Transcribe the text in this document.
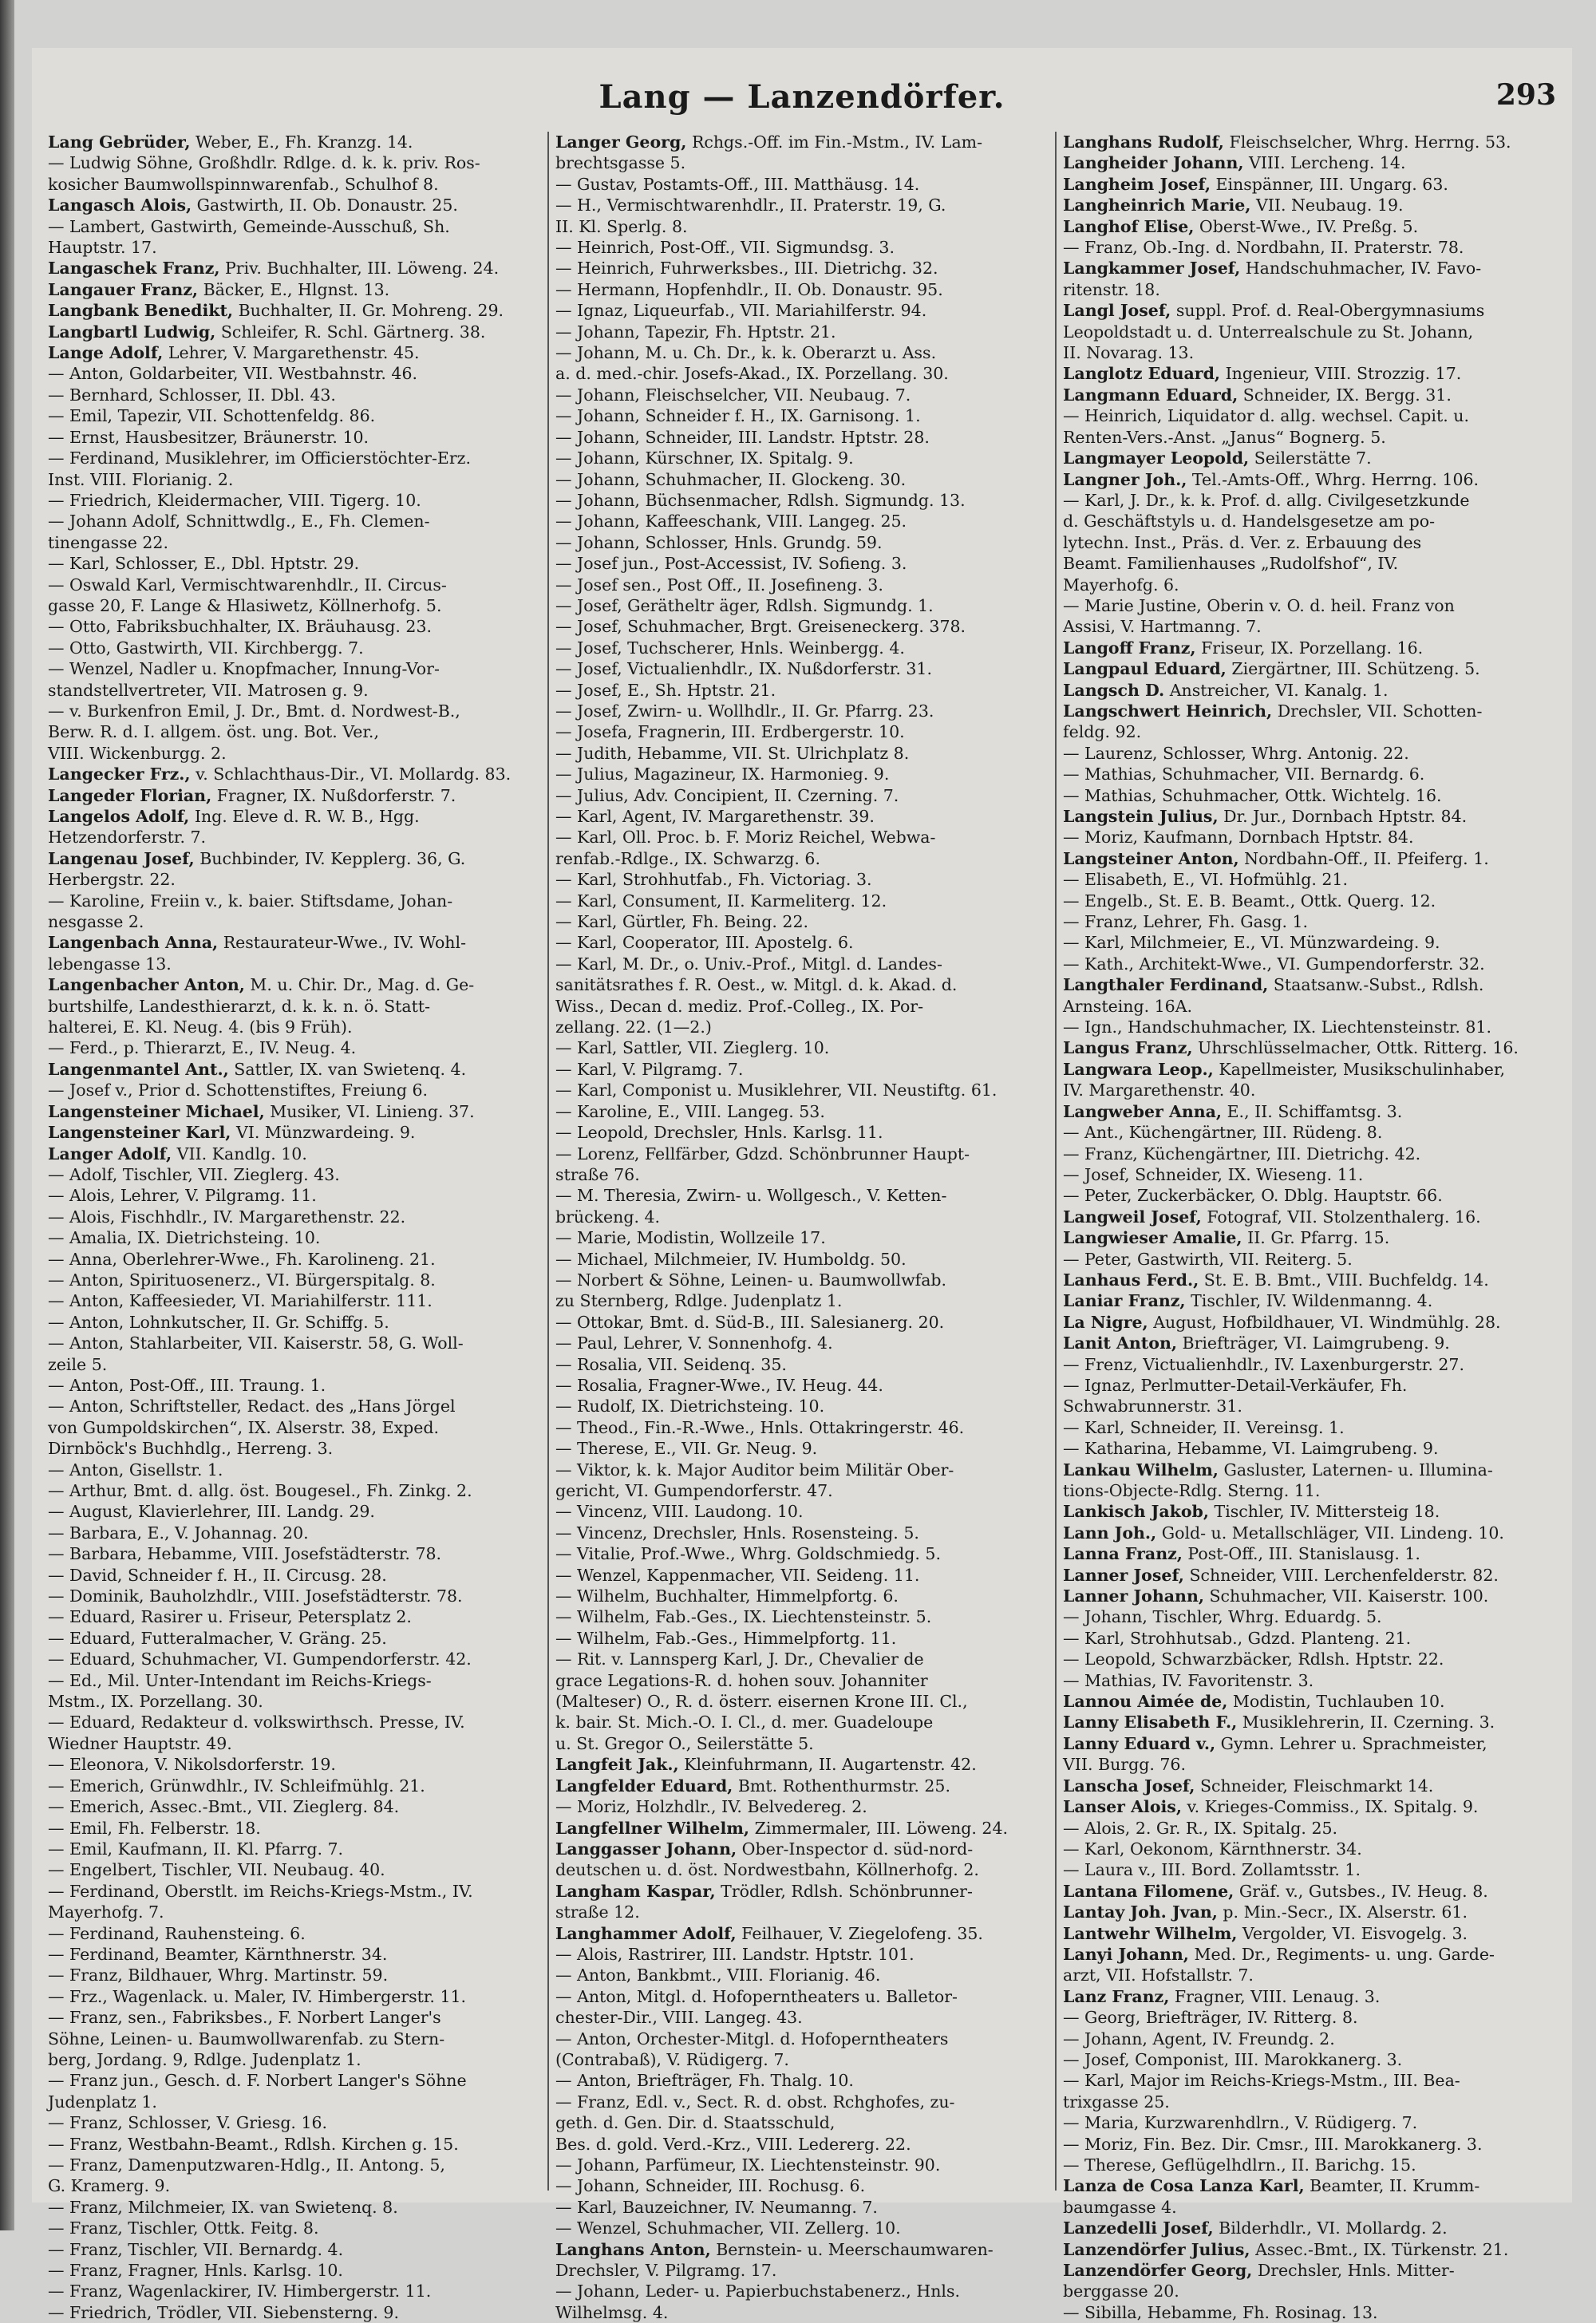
Lang — Lanzendörfer.	293
Lang Gebrüder, Weber, E., Fh. Kranzg. 14.
— Ludwig Söhne, Großhdlr. Rdlge. d. k. k. priv. Ros-
kosicher Baumwollspinnwarenfab., Schulhof 8.
Langasch Alois, Gastwirth, II. Ob. Donaustr. 25.
— Lambert, Gastwirth, Gemeinde-Ausschuß, Sh.
Hauptstr. 17.
Langaschek Franz, Priv. Buchhalter, III. Löweng. 24.
Langauer Franz, Bäcker, E., Hlgnst. 13.
Langbank Benedikt, Buchhalter, II. Gr. Mohreng. 29.
Langbartl Ludwig, Schleifer, R. Schl. Gärtnerg. 38.
Lange Adolf, Lehrer, V. Margarethenstr. 45.
— Anton, Goldarbeiter, VII. Westbahnstr. 46.
— Bernhard, Schlosser, II. Dbl. 43.
— Emil, Tapezir, VII. Schottenfeldg. 86.
— Ernst, Hausbesitzer, Bräunerstr. 10.
— Ferdinand, Musiklehrer, im Officierstöchter-Erz.
Inst. VIII. Florianig. 2.
— Friedrich, Kleidermacher, VIII. Tigerg. 10.
— Johann Adolf, Schnittwdlg., E., Fh. Clemen-
tinengasse 22.
— Karl, Schlosser, E., Dbl. Hptstr. 29.
— Oswald Karl, Vermischtwarenhdlr., II. Circus-
gasse 20, F. Lange & Hlasiwetz, Köllnerhofg. 5.
— Otto, Fabriksbuchhalter, IX. Bräuhausg. 23.
— Otto, Gastwirth, VII. Kirchbergg. 7.
— Wenzel, Nadler u. Knopfmacher, Innung-Vor-
standstellvertreter, VII. Matrosen g. 9.
— v. Burkenfron Emil, J. Dr., Bmt. d. Nordwest-B.,
Berw. R. d. I. allgem. öst. ung. Bot. Ver.,
VIII. Wickenburgg. 2.
Langecker Frz., v. Schlachthaus-Dir., VI. Mollardg. 83.
Langeder Florian, Fragner, IX. Nußdorferstr. 7.
Langelos Adolf, Ing. Eleve d. R. W. B., Hgg.
Hetzendorferstr. 7.
Langenau Josef, Buchbinder, IV. Kepplerg. 36, G.
Herbergstr. 22.
— Karoline, Freiin v., k. baier. Stiftsdame, Johan-
nesgasse 2.
Langenbach Anna, Restaurateur-Wwe., IV. Wohl-
lebengasse 13.
Langenbacher Anton, M. u. Chir. Dr., Mag. d. Ge-
burtshilfe, Landesthierarzt, d. k. k. n. ö. Statt-
halterei, E. Kl. Neug. 4. (bis 9 Früh).
— Ferd., p. Thierarzt, E., IV. Neug. 4.
Langenmantel Ant., Sattler, IX. van Swietenq. 4.
— Josef v., Prior d. Schottenstiftes, Freiung 6.
Langensteiner Michael, Musiker, VI. Linieng. 37.
Langensteiner Karl, VI. Münzwardeing. 9.
Langer Adolf, VII. Kandlg. 10.
— Adolf, Tischler, VII. Zieglerg. 43.
— Alois, Lehrer, V. Pilgramg. 11.
— Alois, Fischhdlr., IV. Margarethenstr. 22.
— Amalia, IX. Dietrichsteing. 10.
— Anna, Oberlehrer-Wwe., Fh. Karolineng. 21.
— Anton, Spirituosenerz., VI. Bürgerspitalg. 8.
— Anton, Kaffeesieder, VI. Mariahilferstr. 111.
— Anton, Lohnkutscher, II. Gr. Schiffg. 5.
— Anton, Stahlarbeiter, VII. Kaiserstr. 58, G. Woll-
zeile 5.
— Anton, Post-Off., III. Traung. 1.
— Anton, Schriftsteller, Redact. des „Hans Jörgel
von Gumpoldskirchen“, IX. Alserstr. 38, Exped.
Dirnböck's Buchhdlg., Herreng. 3.
— Anton, Gisellstr. 1.
— Arthur, Bmt. d. allg. öst. Bougesel., Fh. Zinkg. 2.
— August, Klavierlehrer, III. Landg. 29.
— Barbara, E., V. Johannag. 20.
— Barbara, Hebamme, VIII. Josefstädterstr. 78.
— David, Schneider f. H., II. Circusg. 28.
— Dominik, Bauholzhdlr., VIII. Josefstädterstr. 78.
— Eduard, Rasirer u. Friseur, Petersplatz 2.
— Eduard, Futteralmacher, V. Gräng. 25.
— Eduard, Schuhmacher, VI. Gumpendorferstr. 42.
— Ed., Mil. Unter-Intendant im Reichs-Kriegs-
Mstm., IX. Porzellang. 30.
— Eduard, Redakteur d. volkswirthsch. Presse, IV.
Wiedner Hauptstr. 49.
— Eleonora, V. Nikolsdorferstr. 19.
— Emerich, Grünwdhlr., IV. Schleifmühlg. 21.
— Emerich, Assec.-Bmt., VII. Zieglerg. 84.
— Emil, Fh. Felberstr. 18.
— Emil, Kaufmann, II. Kl. Pfarrg. 7.
— Engelbert, Tischler, VII. Neubaug. 40.
— Ferdinand, Oberstlt. im Reichs-Kriegs-Mstm., IV.
Mayerhofg. 7.
— Ferdinand, Rauhensteing. 6.
— Ferdinand, Beamter, Kärnthnerstr. 34.
— Franz, Bildhauer, Whrg. Martinstr. 59.
— Frz., Wagenlack. u. Maler, IV. Himbergerstr. 11.
— Franz, sen., Fabriksbes., F. Norbert Langer's
Söhne, Leinen- u. Baumwollwarenfab. zu Stern-
berg, Jordang. 9, Rdlge. Judenplatz 1.
— Franz jun., Gesch. d. F. Norbert Langer's Söhne
Judenplatz 1.
— Franz, Schlosser, V. Griesg. 16.
— Franz, Westbahn-Beamt., Rdlsh. Kirchen g. 15.
— Franz, Damenputzwaren-Hdlg., II. Antong. 5,
G. Kramerg. 9.
— Franz, Milchmeier, IX. van Swietenq. 8.
— Franz, Tischler, Ottk. Feitg. 8.
— Franz, Tischler, VII. Bernardg. 4.
— Franz, Fragner, Hnls. Karlsg. 10.
— Franz, Wagenlackirer, IV. Himbergerstr. 11.
— Friedrich, Trödler, VII. Siebensterng. 9.
Langer Georg, Rchgs.-Off. im Fin.-Mstm., IV. Lam-
brechtsgasse 5.
— Gustav, Postamts-Off., III. Matthäusg. 14.
— H., Vermischtwarenhdlr., II. Praterstr. 19, G.
II. Kl. Sperlg. 8.
— Heinrich, Post-Off., VII. Sigmundsg. 3.
— Heinrich, Fuhrwerksbes., III. Dietrichg. 32.
— Hermann, Hopfenhdlr., II. Ob. Donaustr. 95.
— Ignaz, Liqueurfab., VII. Mariahilferstr. 94.
— Johann, Tapezir, Fh. Hptstr. 21.
— Johann, M. u. Ch. Dr., k. k. Oberarzt u. Ass.
a. d. med.-chir. Josefs-Akad., IX. Porzellang. 30.
— Johann, Fleischselcher, VII. Neubaug. 7.
— Johann, Schneider f. H., IX. Garnisong. 1.
— Johann, Schneider, III. Landstr. Hptstr. 28.
— Johann, Kürschner, IX. Spitalg. 9.
— Johann, Schuhmacher, II. Glockeng. 30.
— Johann, Büchsenmacher, Rdlsh. Sigmundg. 13.
— Johann, Kaffeeschank, VIII. Langeg. 25.
— Johann, Schlosser, Hnls. Grundg. 59.
— Josef jun., Post-Accessist, IV. Sofieng. 3.
— Josef sen., Post Off., II. Josefineng. 3.
— Josef, Gerätheltr äger, Rdlsh. Sigmundg. 1.
— Josef, Schuhmacher, Brgt. Greiseneckerg. 378.
— Josef, Tuchscherer, Hnls. Weinbergg. 4.
— Josef, Victualienhdlr., IX. Nußdorferstr. 31.
— Josef, E., Sh. Hptstr. 21.
— Josef, Zwirn- u. Wollhdlr., II. Gr. Pfarrg. 23.
— Josefa, Fragnerin, III. Erdbergerstr. 10.
— Judith, Hebamme, VII. St. Ulrichplatz 8.
— Julius, Magazineur, IX. Harmonieg. 9.
— Julius, Adv. Concipient, II. Czerning. 7.
— Karl, Agent, IV. Margarethenstr. 39.
— Karl, Oll. Proc. b. F. Moriz Reichel, Webwa-
renfab.-Rdlge., IX. Schwarzg. 6.
— Karl, Strohhutfab., Fh. Victoriag. 3.
— Karl, Consument, II. Karmeliterg. 12.
— Karl, Gürtler, Fh. Being. 22.
— Karl, Cooperator, III. Apostelg. 6.
— Karl, M. Dr., o. Univ.-Prof., Mitgl. d. Landes-
sanitätsrathes f. R. Oest., w. Mitgl. d. k. Akad. d.
Wiss., Decan d. mediz. Prof.-Colleg., IX. Por-
zellang. 22. (1—2.)
— Karl, Sattler, VII. Zieglerg. 10.
— Karl, V. Pilgramg. 7.
— Karl, Componist u. Musiklehrer, VII. Neustiftg. 61.
— Karoline, E., VIII. Langeg. 53.
— Leopold, Drechsler, Hnls. Karlsg. 11.
— Lorenz, Fellfärber, Gdzd. Schönbrunner Haupt-
straße 76.
— M. Theresia, Zwirn- u. Wollgesch., V. Ketten-
brückeng. 4.
— Marie, Modistin, Wollzeile 17.
— Michael, Milchmeier, IV. Humboldg. 50.
— Norbert & Söhne, Leinen- u. Baumwollwfab.
zu Sternberg, Rdlge. Judenplatz 1.
— Ottokar, Bmt. d. Süd-B., III. Salesianerg. 20.
— Paul, Lehrer, V. Sonnenhofg. 4.
— Rosalia, VII. Seidenq. 35.
— Rosalia, Fragner-Wwe., IV. Heug. 44.
— Rudolf, IX. Dietrichsteing. 10.
— Theod., Fin.-R.-Wwe., Hnls. Ottakringerstr. 46.
— Therese, E., VII. Gr. Neug. 9.
— Viktor, k. k. Major Auditor beim Militär Ober-
gericht, VI. Gumpendorferstr. 47.
— Vincenz, VIII. Laudong. 10.
— Vincenz, Drechsler, Hnls. Rosensteing. 5.
— Vitalie, Prof.-Wwe., Whrg. Goldschmiedg. 5.
— Wenzel, Kappenmacher, VII. Seideng. 11.
— Wilhelm, Buchhalter, Himmelpfortg. 6.
— Wilhelm, Fab.-Ges., IX. Liechtensteinstr. 5.
— Wilhelm, Fab.-Ges., Himmelpfortg. 11.
— Rit. v. Lannsperg Karl, J. Dr., Chevalier de
grace Legations-R. d. hohen souv. Johanniter
(Malteser) O., R. d. österr. eisernen Krone III. Cl.,
k. bair. St. Mich.-O. I. Cl., d. mer. Guadeloupe
u. St. Gregor O., Seilerstätte 5.
Langfeit Jak., Kleinfuhrmann, II. Augartenstr. 42.
Langfelder Eduard, Bmt. Rothenthurmstr. 25.
— Moriz, Holzhdlr., IV. Belvedereg. 2.
Langfellner Wilhelm, Zimmermaler, III. Löweng. 24.
Langgasser Johann, Ober-Inspector d. süd-nord-
deutschen u. d. öst. Nordwestbahn, Köllnerhofg. 2.
Langham Kaspar, Trödler, Rdlsh. Schönbrunner-
straße 12.
Langhammer Adolf, Feilhauer, V. Ziegelofeng. 35.
— Alois, Rastrirer, III. Landstr. Hptstr. 101.
— Anton, Bankbmt., VIII. Florianig. 46.
— Anton, Mitgl. d. Hofoperntheaters u. Balletor-
chester-Dir., VIII. Langeg. 43.
— Anton, Orchester-Mitgl. d. Hofoperntheaters
(Contrabaß), V. Rüdigerg. 7.
— Anton, Briefträger, Fh. Thalg. 10.
— Franz, Edl. v., Sect. R. d. obst. Rchghofes, zu-
geth. d. Gen. Dir. d. Staatsschuld,
Bes. d. gold. Verd.-Krz., VIII. Ledererg. 22.
— Johann, Parfümeur, IX. Liechtensteinstr. 90.
— Johann, Schneider, III. Rochusg. 6.
— Karl, Bauzeichner, IV. Neumanng. 7.
— Wenzel, Schuhmacher, VII. Zellerg. 10.
Langhans Anton, Bernstein- u. Meerschaumwaren-
Drechsler, V. Pilgramg. 17.
— Johann, Leder- u. Papierbuchstabenerz., Hnls.
Wilhelmsg. 4.
Langhans Rudolf, Fleischselcher, Whrg. Herrng. 53.
Langheider Johann, VIII. Lercheng. 14.
Langheim Josef, Einspänner, III. Ungarg. 63.
Langheinrich Marie, VII. Neubaug. 19.
Langhof Elise, Oberst-Wwe., IV. Preßg. 5.
— Franz, Ob.-Ing. d. Nordbahn, II. Praterstr. 78.
Langkammer Josef, Handschuhmacher, IV. Favo-
ritenstr. 18.
Langl Josef, suppl. Prof. d. Real-Obergymnasiums
Leopoldstadt u. d. Unterrealschule zu St. Johann,
II. Novarag. 13.
Langlotz Eduard, Ingenieur, VIII. Strozzig. 17.
Langmann Eduard, Schneider, IX. Bergg. 31.
— Heinrich, Liquidator d. allg. wechsel. Capit. u.
Renten-Vers.-Anst. „Janus“ Bognerg. 5.
Langmayer Leopold, Seilerstätte 7.
Langner Joh., Tel.-Amts-Off., Whrg. Herrng. 106.
— Karl, J. Dr., k. k. Prof. d. allg. Civilgesetzkunde
d. Geschäftstyls u. d. Handelsgesetze am po-
lytechn. Inst., Präs. d. Ver. z. Erbauung des
Beamt. Familienhauses „Rudolfshof“, IV.
Mayerhofg. 6.
— Marie Justine, Oberin v. O. d. heil. Franz von
Assisi, V. Hartmanng. 7.
Langoff Franz, Friseur, IX. Porzellang. 16.
Langpaul Eduard, Ziergärtner, III. Schützeng. 5.
Langsch D. Anstreicher, VI. Kanalg. 1.
Langschwert Heinrich, Drechsler, VII. Schotten-
feldg. 92.
— Laurenz, Schlosser, Whrg. Antonig. 22.
— Mathias, Schuhmacher, VII. Bernardg. 6.
— Mathias, Schuhmacher, Ottk. Wichtelg. 16.
Langstein Julius, Dr. Jur., Dornbach Hptstr. 84.
— Moriz, Kaufmann, Dornbach Hptstr. 84.
Langsteiner Anton, Nordbahn-Off., II. Pfeiferg. 1.
— Elisabeth, E., VI. Hofmühlg. 21.
— Engelb., St. E. B. Beamt., Ottk. Querg. 12.
— Franz, Lehrer, Fh. Gasg. 1.
— Karl, Milchmeier, E., VI. Münzwardeing. 9.
— Kath., Architekt-Wwe., VI. Gumpendorferstr. 32.
Langthaler Ferdinand, Staatsanw.-Subst., Rdlsh.
Arnsteing. 16A.
— Ign., Handschuhmacher, IX. Liechtensteinstr. 81.
Langus Franz, Uhrschlüsselmacher, Ottk. Ritterg. 16.
Langwara Leop., Kapellmeister, Musikschulinhaber,
IV. Margarethenstr. 40.
Langweber Anna, E., II. Schiffamtsg. 3.
— Ant., Küchengärtner, III. Rüdeng. 8.
— Franz, Küchengärtner, III. Dietrichg. 42.
— Josef, Schneider, IX. Wieseng. 11.
— Peter, Zuckerbäcker, O. Dblg. Hauptstr. 66.
Langweil Josef, Fotograf, VII. Stolzenthalerg. 16.
Langwieser Amalie, II. Gr. Pfarrg. 15.
— Peter, Gastwirth, VII. Reiterg. 5.
Lanhaus Ferd., St. E. B. Bmt., VIII. Buchfeldg. 14.
Laniar Franz, Tischler, IV. Wildenmanng. 4.
La Nigre, August, Hofbildhauer, VI. Windmühlg. 28.
Lanit Anton, Briefträger, VI. Laimgrubeng. 9.
— Frenz, Victualienhdlr., IV. Laxenburgerstr. 27.
— Ignaz, Perlmutter-Detail-Verkäufer, Fh.
Schwabrunnerstr. 31.
— Karl, Schneider, II. Vereinsg. 1.
— Katharina, Hebamme, VI. Laimgrubeng. 9.
Lankau Wilhelm, Gasluster, Laternen- u. Illumina-
tions-Objecte-Rdlg. Sterng. 11.
Lankisch Jakob, Tischler, IV. Mittersteig 18.
Lann Joh., Gold- u. Metallschläger, VII. Lindeng. 10.
Lanna Franz, Post-Off., III. Stanislausg. 1.
Lanner Josef, Schneider, VIII. Lerchenfelderstr. 82.
Lanner Johann, Schuhmacher, VII. Kaiserstr. 100.
— Johann, Tischler, Whrg. Eduardg. 5.
— Karl, Strohhutsab., Gdzd. Planteng. 21.
— Leopold, Schwarzbäcker, Rdlsh. Hptstr. 22.
— Mathias, IV. Favoritenstr. 3.
Lannou Aimée de, Modistin, Tuchlauben 10.
Lanny Elisabeth F., Musiklehrerin, II. Czerning. 3.
Lanny Eduard v., Gymn. Lehrer u. Sprachmeister,
VII. Burgg. 76.
Lanscha Josef, Schneider, Fleischmarkt 14.
Lanser Alois, v. Krieges-Commiss., IX. Spitalg. 9.
— Alois, 2. Gr. R., IX. Spitalg. 25.
— Karl, Oekonom, Kärnthnerstr. 34.
— Laura v., III. Bord. Zollamtsstr. 1.
Lantana Filomene, Gräf. v., Gutsbes., IV. Heug. 8.
Lantay Joh. Jvan, p. Min.-Secr., IX. Alserstr. 61.
Lantwehr Wilhelm, Vergolder, VI. Eisvogelg. 3.
Lanyi Johann, Med. Dr., Regiments- u. ung. Garde-
arzt, VII. Hofstallstr. 7.
Lanz Franz, Fragner, VIII. Lenaug. 3.
— Georg, Briefträger, IV. Ritterg. 8.
— Johann, Agent, IV. Freundg. 2.
— Josef, Componist, III. Marokkanerg. 3.
— Karl, Major im Reichs-Kriegs-Mstm., III. Bea-
trixgasse 25.
— Maria, Kurzwarenhdlrn., V. Rüdigerg. 7.
— Moriz, Fin. Bez. Dir. Cmsr., III. Marokkanerg. 3.
— Therese, Geflügelhdlrn., II. Barichg. 15.
Lanza de Cosa Lanza Karl, Beamter, II. Krumm-
baumgasse 4.
Lanzedelli Josef, Bilderhdlr., VI. Mollardg. 2.
Lanzendörfer Julius, Assec.-Bmt., IX. Türkenstr. 21.
Lanzendörfer Georg, Drechsler, Hnls. Mitter-
berggasse 20.
— Sibilla, Hebamme, Fh. Rosinag. 13.
